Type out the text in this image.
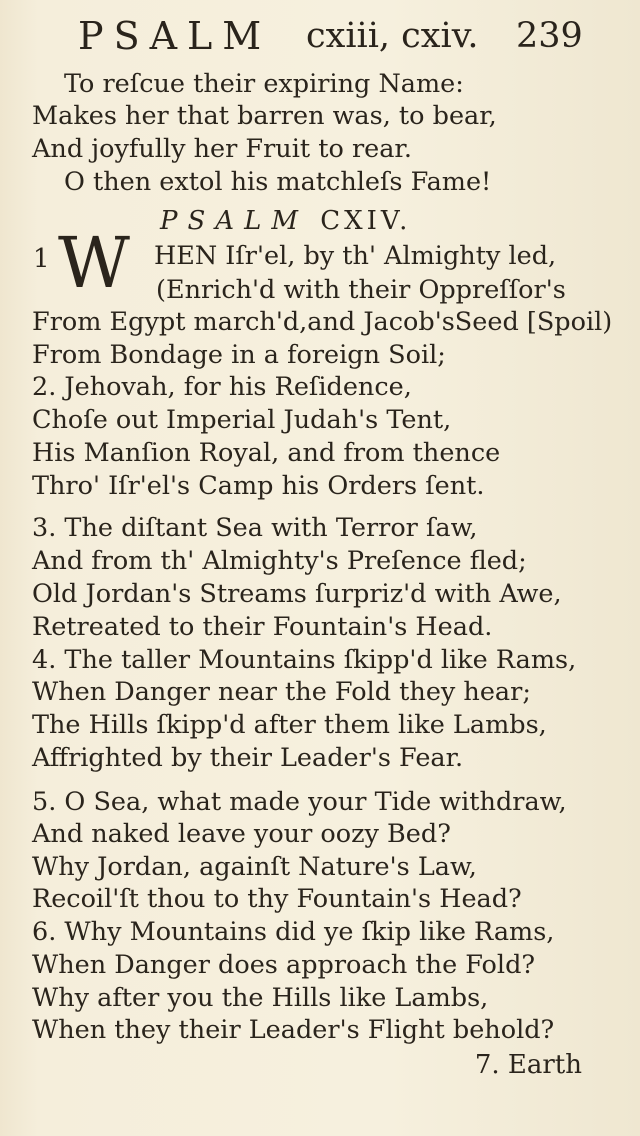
PSALM cxiii, cxiv. 239
To reſcue their expiring Name:
Makes her that barren was, to bear,
And joyfully her Fruit to rear.
O then extol his matchleſs Fame!
PSALM CXIV.
1 W HEN Iſr'el, by th' Almighty led,
(Enrich'd with their Oppreſſor's
From Egypt march'd,and Jacob'sSeed [Spoil)
From Bondage in a foreign Soil;
2. Jehovah, for his Reſidence,
Choſe out Imperial Judah's Tent,
His Manſion Royal, and from thence
Thro' Iſr'el's Camp his Orders ſent.
3. The diſtant Sea with Terror ſaw,
And from th' Almighty's Preſence fled;
Old Jordan's Streams ſurpriz'd with Awe,
Retreated to their Fountain's Head.
4. The taller Mountains ſkipp'd like Rams,
When Danger near the Fold they hear;
The Hills ſkipp'd after them like Lambs,
Affrighted by their Leader's Fear.
5. O Sea, what made your Tide withdraw,
And naked leave your oozy Bed?
Why Jordan, againſt Nature's Law,
Recoil'ſt thou to thy Fountain's Head?
6. Why Mountains did ye ſkip like Rams,
When Danger does approach the Fold?
Why after you the Hills like Lambs,
When they their Leader's Flight behold?
7. Earth
